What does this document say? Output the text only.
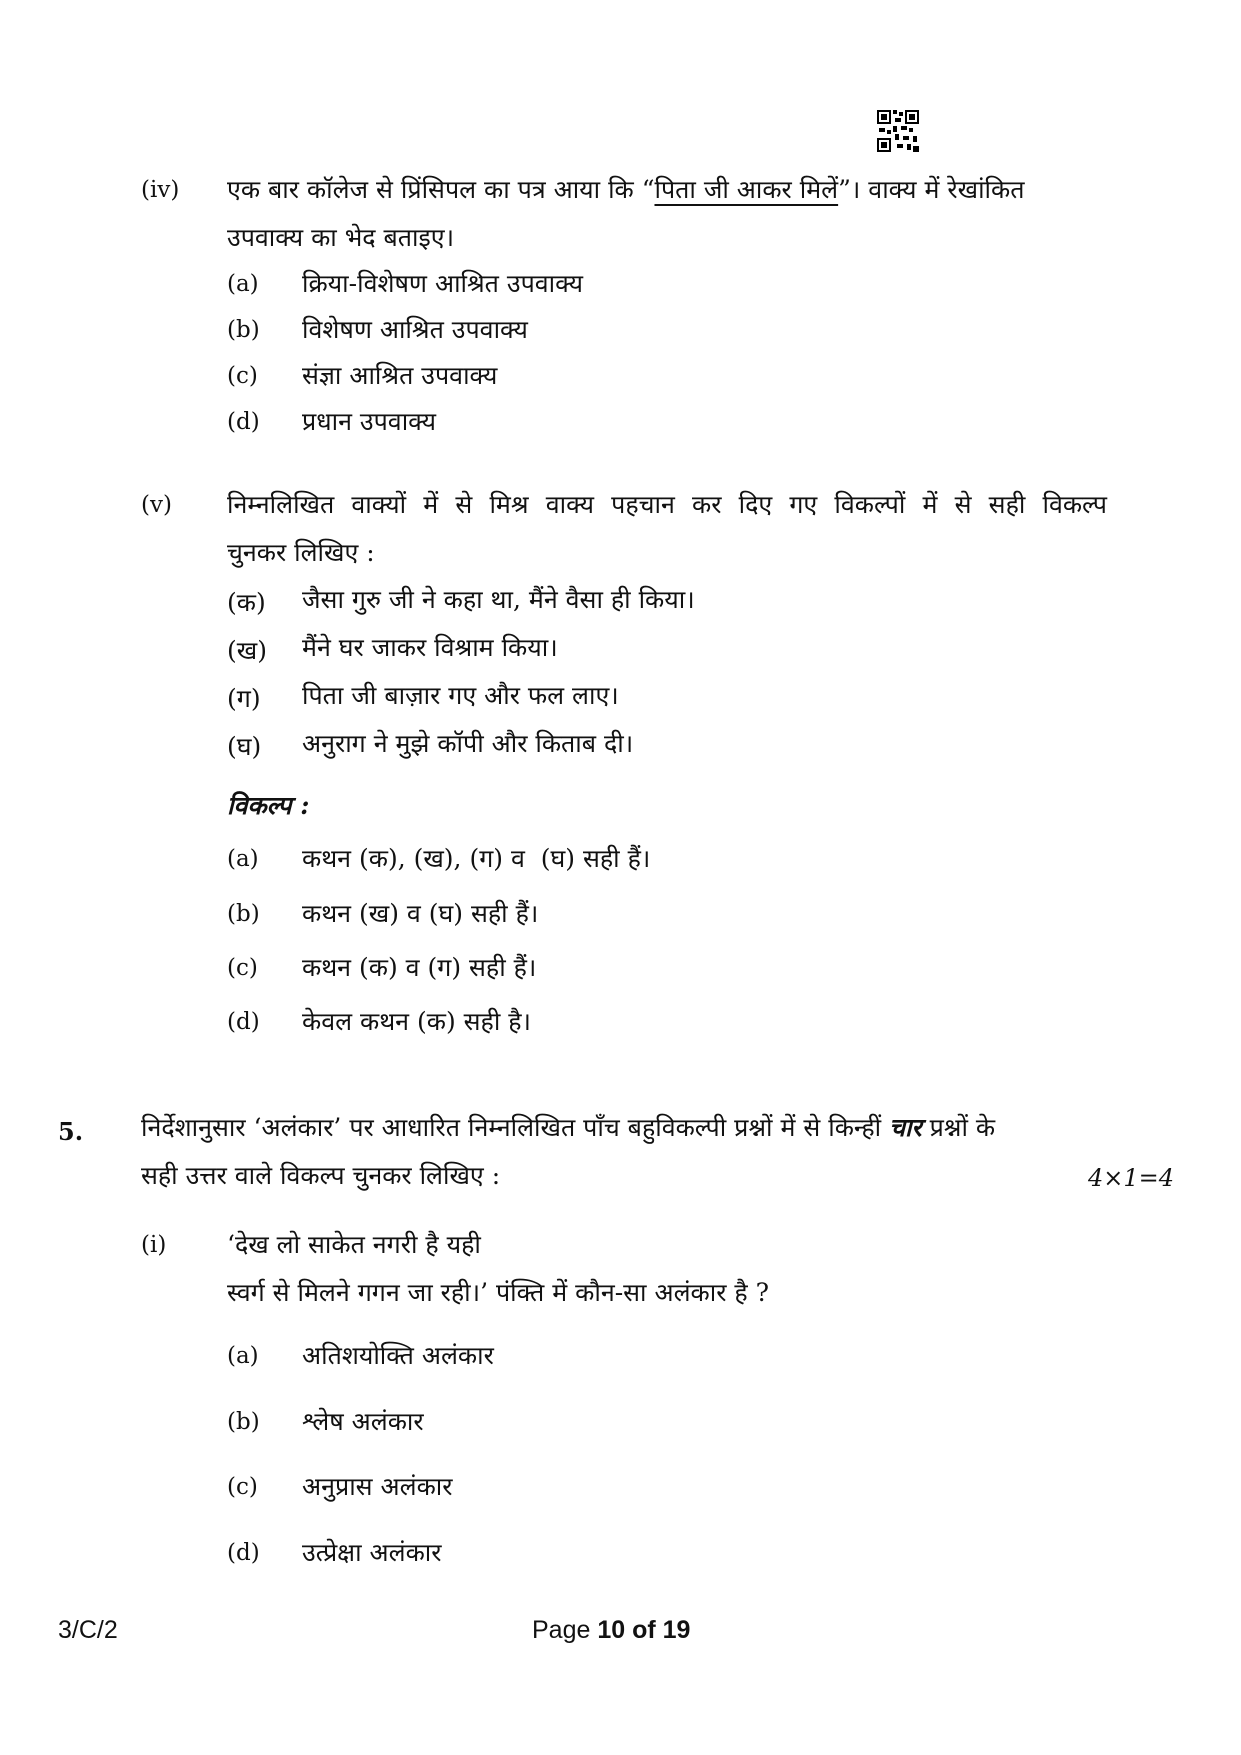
(iv) एक बार कॉलेज से प्रिंसिपल का पत्र आया कि “पिता जी आकर मिलें”। वाक्य में रेखांकित
उपवाक्य का भेद बताइए।
(a) क्रिया-विशेषण आश्रित उपवाक्य
(b) विशेषण आश्रित उपवाक्य
(c) संज्ञा आश्रित उपवाक्य
(d) प्रधान उपवाक्य
(v) निम्नलिखित वाक्यों में से मिश्र वाक्य पहचान कर दिए गए विकल्पों में से सही विकल्प
चुनकर लिखिए :
(क) जैसा गुरु जी ने कहा था, मैंने वैसा ही किया।
(ख) मैंने घर जाकर विश्राम किया।
(ग) पिता जी बाज़ार गए और फल लाए।
(घ) अनुराग ने मुझे कॉपी और किताब दी।
विकल्प :
(a) कथन (क), (ख), (ग) व  (घ) सही हैं।
(b) कथन (ख) व (घ) सही हैं।
(c) कथन (क) व (ग) सही हैं।
(d) केवल कथन (क) सही है।
5. निर्देशानुसार ‘अलंकार’ पर आधारित निम्नलिखित पाँच बहुविकल्पी प्रश्नों में से किन्हीं चार प्रश्नों के
सही उत्तर वाले विकल्प चुनकर लिखिए :	4×1=4
(i) ‘देख लो साकेत नगरी है यही
स्वर्ग से मिलने गगन जा रही।’ पंक्ति में कौन-सा अलंकार है ?
(a) अतिशयोक्ति अलंकार
(b) श्लेष अलंकार
(c) अनुप्रास अलंकार
(d) उत्प्रेक्षा अलंकार
3/C/2	Page 10 of 19
